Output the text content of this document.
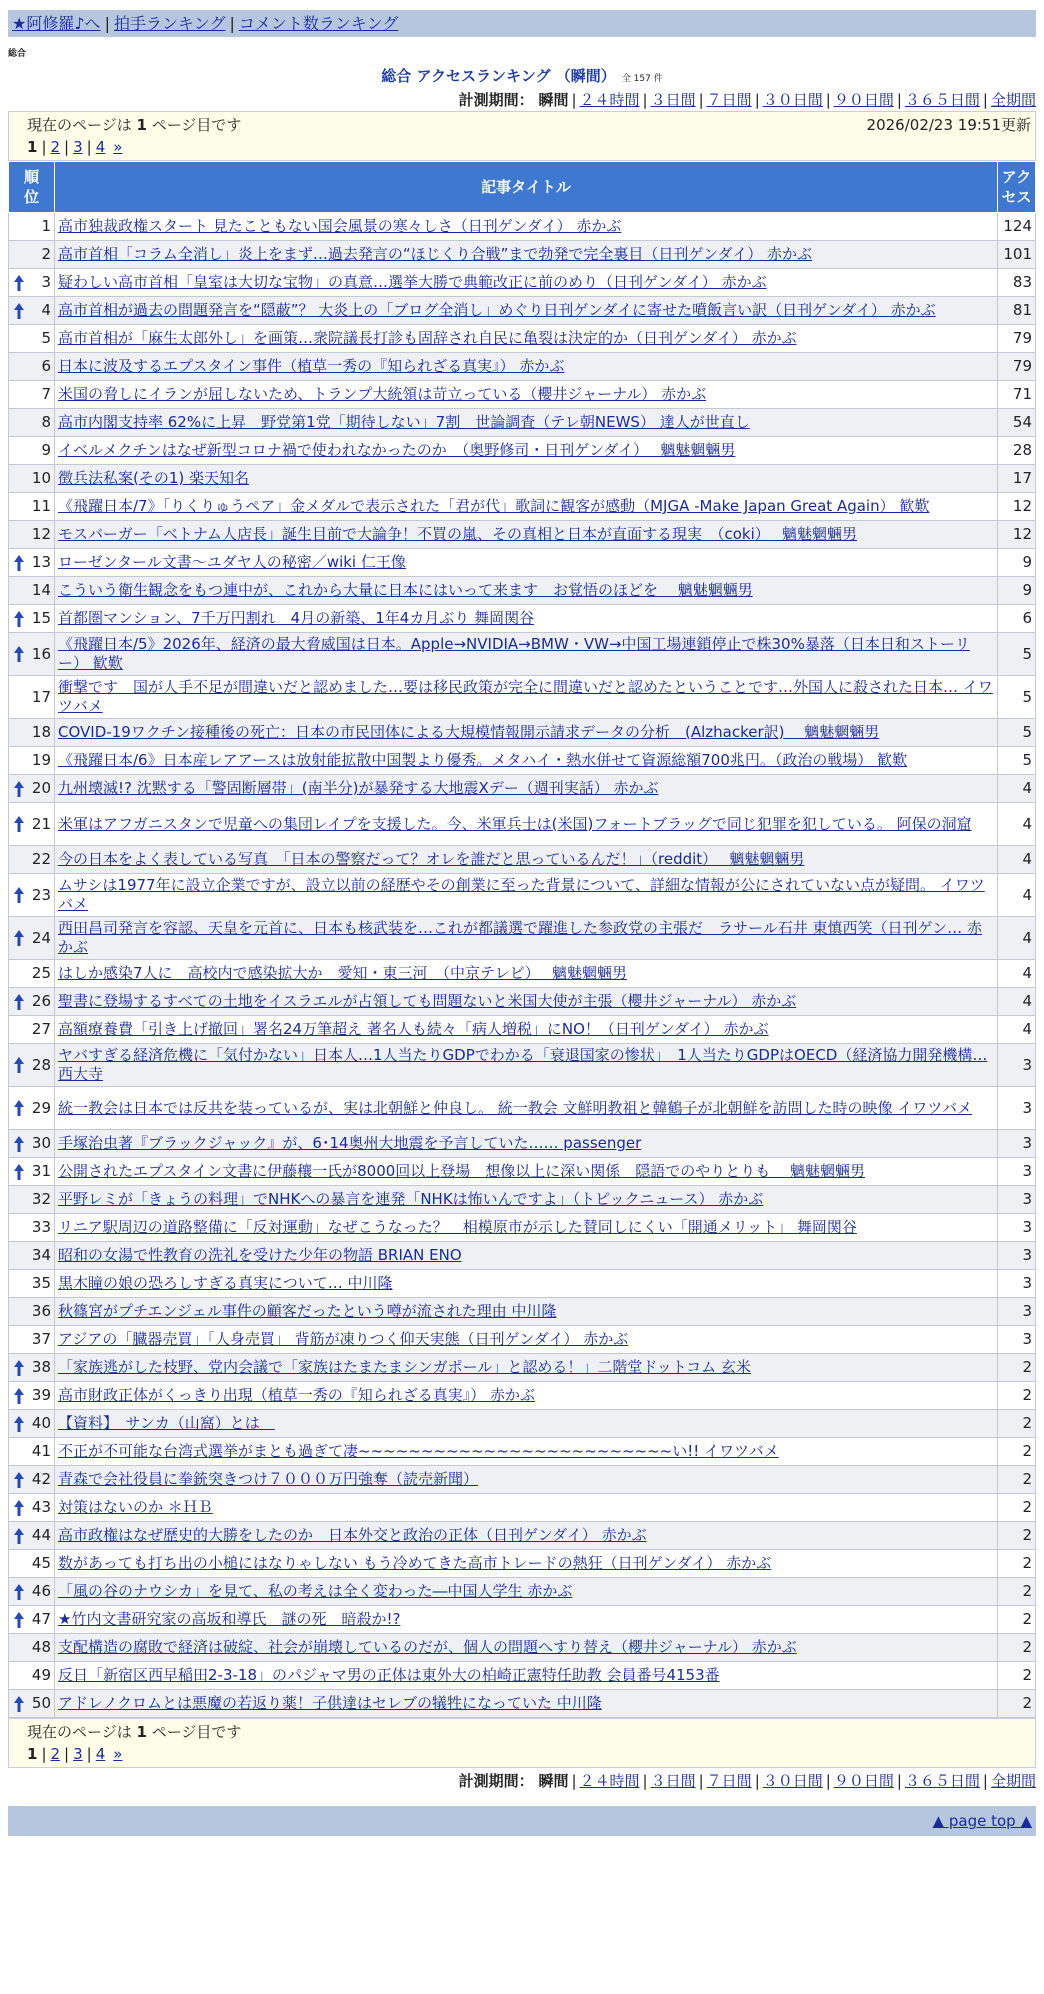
★阿修羅♪へ | 拍手ランキング | コメント数ランキング
総合
総合 アクセスランキング （瞬間） 全 157 件
計測期間： 瞬間 | ２４時間 | ３日間 | ７日間 | ３０日間 | ９０日間 | ３６５日間 | 全期間
現在のページは 1 ページ目です	2026/02/23 19:51更新
1 | 2 | 3 | 4 »
順位	記事タイトル	アクセス
1	高市独裁政権スタート 見たこともない国会風景の寒々しさ（日刊ゲンダイ） 赤かぶ	124
2	高市首相「コラム全消し」炎上をまず…過去発言の“ほじくり合戦”まで勃発で完全裏目（日刊ゲンダイ） 赤かぶ	101

3	疑わしい高市首相「皇室は大切な宝物」の真意…選挙大勝で典範改正に前のめり（日刊ゲンダイ） 赤かぶ	83

4	高市首相が過去の問題発言を“隠蔽”？ 大炎上の「ブログ全消し」めぐり日刊ゲンダイに寄せた噴飯言い訳（日刊ゲンダイ） 赤かぶ	81
5	高市首相が「麻生太郎外し」を画策…衆院議長打診も固辞され自民に亀裂は決定的か（日刊ゲンダイ） 赤かぶ	79
6	日本に波及するエプスタイン事件（植草一秀の『知られざる真実』） 赤かぶ	79
7	米国の脅しにイランが屈しないため、トランプ大統領は苛立っている（櫻井ジャーナル） 赤かぶ	71
8	高市内閣支持率 62%に上昇　野党第1党「期待しない」7割　世論調査（テレ朝NEWS） 達人が世直し	54
9	イベルメクチンはなぜ新型コロナ禍で使われなかったのか　（奥野修司・日刊ゲンダイ）　 魑魅魍魎男	28
10	徴兵法私案(その1) 楽天知名	17
11	《飛躍日本/7》「りくりゅうペア」金メダルで表示された「君が代」歌詞に観客が感動（MJGA -Make Japan Great Again） 歓歎	12
12	モスバーガー「ベトナム人店長」誕生目前で大論争！不買の嵐、その真相と日本が直面する現実　（coki）　 魑魅魍魎男	12

13	ローゼンタール文書～ユダヤ人の秘密／wiki 仁王像	9
14	こういう衛生観念をもつ連中が、これから大量に日本にはいって来ます　お覚悟のほどを　 魑魅魍魎男	9

15	首都圏マンション、7千万円割れ　4月の新築、1年4カ月ぶり 舞岡関谷	6

16	《飛躍日本/5》2026年、経済の最大脅威国は日本。Apple→NVIDIA→BMW・VW→中国工場連鎖停止で株30%暴落（日本日和ストーリー） 歓歎	5
17	衝撃です　国が人手不足が間違いだと認めました…要は移民政策が完全に間違いだと認めたということです…外国人に殺された日本… イワツバメ	5
18	COVID-19ワクチン接種後の死亡：日本の市民団体による大規模情報開示請求データの分析　(Alzhacker訳)　 魑魅魍魎男	5
19	《飛躍日本/6》日本産レアアースは放射能拡散中国製より優秀。メタハイ・熱水併せて資源総額700兆円。（政治の戦場） 歓歎	5

20	九州壊滅!? 沈黙する「警固断層帯」(南半分)が暴発する大地震Xデー（週刊実話） 赤かぶ	4

21	米軍はアフガニスタンで児童への集団レイプを支援した。今、米軍兵士は(米国)フォートブラッグで同じ犯罪を犯している。 阿保の洞窟	4
22	今の日本をよく表している写真　「日本の警察だって？オレを誰だと思っているんだ！」（reddit）　 魑魅魍魎男	4

23	ムサシは1977年に設立企業ですが、設立以前の経歴やその創業に至った背景について、詳細な情報が公にされていない点が疑問。 イワツバメ	4

24	西田昌司発言を容認、天皇を元首に、日本も核武装を…これが都議選で躍進した参政党の主張だ　ラサール石井 東慎西笑（日刊ゲン… 赤かぶ	4
25	はしか感染7人に　高校内で感染拡大か　愛知・東三河　（中京テレビ）　 魑魅魍魎男	4

26	聖書に登場するすべての土地をイスラエルが占領しても問題ないと米国大使が主張（櫻井ジャーナル） 赤かぶ	4
27	高額療養費「引き上げ撤回」署名24万筆超え 著名人も続々「病人増税」にNO！（日刊ゲンダイ） 赤かぶ	4

28	ヤバすぎる経済危機に「気付かない」日本人…1人当たりGDPでわかる「衰退国家の惨状」　1人当たりGDPはOECD（経済協力開発機構… 西大寺	3

29	統一教会は日本では反共を装っているが、実は北朝鮮と仲良し。 統一教会 文鮮明教祖と韓鶴子が北朝鮮を訪問した時の映像 イワツバメ	3

30	手塚治虫著『ブラックジャック』が、6･14奥州大地震を予言していた…… passenger	3

31	公開されたエプスタイン文書に伊藤穰一氏が8000回以上登場　想像以上に深い関係　隠語でのやりとりも　 魑魅魍魎男	3
32	平野レミが「きょうの料理」でNHKへの暴言を連発「NHKは怖いんですよ」（トピックニュース） 赤かぶ	3
33	リニア駅周辺の道路整備に「反対運動」なぜこうなった？　相模原市が示した賛同しにくい「開通メリット」 舞岡関谷	3
34	昭和の女湯で性教育の洗礼を受けた少年の物語 BRIAN ENO	3
35	黒木瞳の娘の恐ろしすぎる真実について… 中川隆	3
36	秋篠宮がプチエンジェル事件の顧客だったという噂が流された理由 中川隆	3
37	アジアの「臓器売買」「人身売買」 背筋が凍りつく仰天実態（日刊ゲンダイ） 赤かぶ	3

38	「家族逃がした枝野、党内会議で「家族はたまたまシンガポール」と認める！」二階堂ドットコム 玄米	2

39	高市財政正体がくっきり出現（植草一秀の『知られざる真実』） 赤かぶ	2

40	【資料】　サンカ（山窩）とは　	2
41	不正が不可能な台湾式選挙がまとも過ぎて凄~~~~~~~~~~~~~~~~~~~~~~~~~い!! イワツバメ	2

42	青森で会社役員に拳銃突きつけ７０００万円強奪（読売新聞）	2

43	対策はないのか ＊ＨＢ	2

44	高市政権はなぜ歴史的大勝をしたのか　日本外交と政治の正体（日刊ゲンダイ） 赤かぶ	2
45	数があっても打ち出の小槌にはなりゃしない もう冷めてきた高市トレードの熱狂（日刊ゲンダイ） 赤かぶ	2

46	「風の谷のナウシカ」を見て、私の考えは全く変わった―中国人学生 赤かぶ	2

47	★竹内文書研究家の高坂和導氏　謎の死　暗殺か!?	2
48	支配構造の腐敗で経済は破綻、社会が崩壊しているのだが、個人の問題へすり替え（櫻井ジャーナル） 赤かぶ	2
49	反日「新宿区西早稲田2-3-18」のパジャマ男の正体は東外大の柏崎正憲特任助教 会員番号4153番	2

50	アドレノクロムとは悪魔の若返り薬！子供達はセレブの犠牲になっていた 中川隆	2
現在のページは 1 ページ目です
1 | 2 | 3 | 4 »
計測期間： 瞬間 | ２４時間 | ３日間 | ７日間 | ３０日間 | ９０日間 | ３６５日間 | 全期間
▲ page top ▲
